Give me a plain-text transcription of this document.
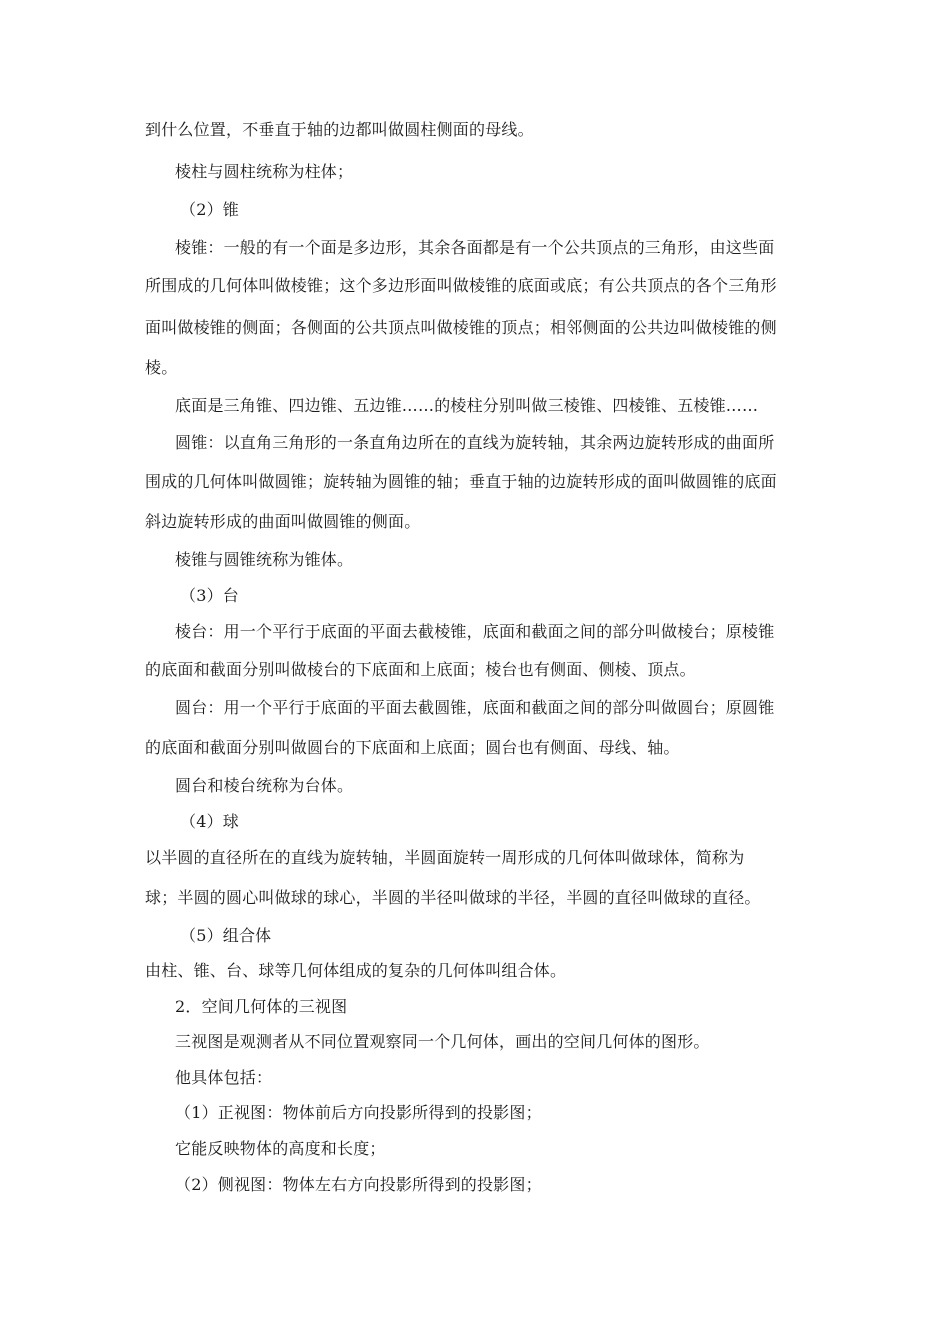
到什么位置，不垂直于轴的边都叫做圆柱侧面的母线。
棱柱与圆柱统称为柱体；
（2）锥
棱锥：一般的有一个面是多边形，其余各面都是有一个公共顶点的三角形，由这些面
所围成的几何体叫做棱锥；这个多边形面叫做棱锥的底面或底；有公共顶点的各个三角形
面叫做棱锥的侧面；各侧面的公共顶点叫做棱锥的顶点；相邻侧面的公共边叫做棱锥的侧
棱。
底面是三角锥、四边锥、五边锥……的棱柱分别叫做三棱锥、四棱锥、五棱锥……
圆锥：以直角三角形的一条直角边所在的直线为旋转轴，其余两边旋转形成的曲面所
围成的几何体叫做圆锥；旋转轴为圆锥的轴；垂直于轴的边旋转形成的面叫做圆锥的底面
斜边旋转形成的曲面叫做圆锥的侧面。
棱锥与圆锥统称为锥体。
（3）台
棱台：用一个平行于底面的平面去截棱锥，底面和截面之间的部分叫做棱台；原棱锥
的底面和截面分别叫做棱台的下底面和上底面；棱台也有侧面、侧棱、顶点。
圆台：用一个平行于底面的平面去截圆锥，底面和截面之间的部分叫做圆台；原圆锥
的底面和截面分别叫做圆台的下底面和上底面；圆台也有侧面、母线、轴。
圆台和棱台统称为台体。
（4）球
以半圆的直径所在的直线为旋转轴，半圆面旋转一周形成的几何体叫做球体，简称为
球；半圆的圆心叫做球的球心，半圆的半径叫做球的半径，半圆的直径叫做球的直径。
（5）组合体
由柱、锥、台、球等几何体组成的复杂的几何体叫组合体。
2．空间几何体的三视图
三视图是观测者从不同位置观察同一个几何体，画出的空间几何体的图形。
他具体包括：
（1）正视图：物体前后方向投影所得到的投影图；
它能反映物体的高度和长度；
（2）侧视图：物体左右方向投影所得到的投影图；
